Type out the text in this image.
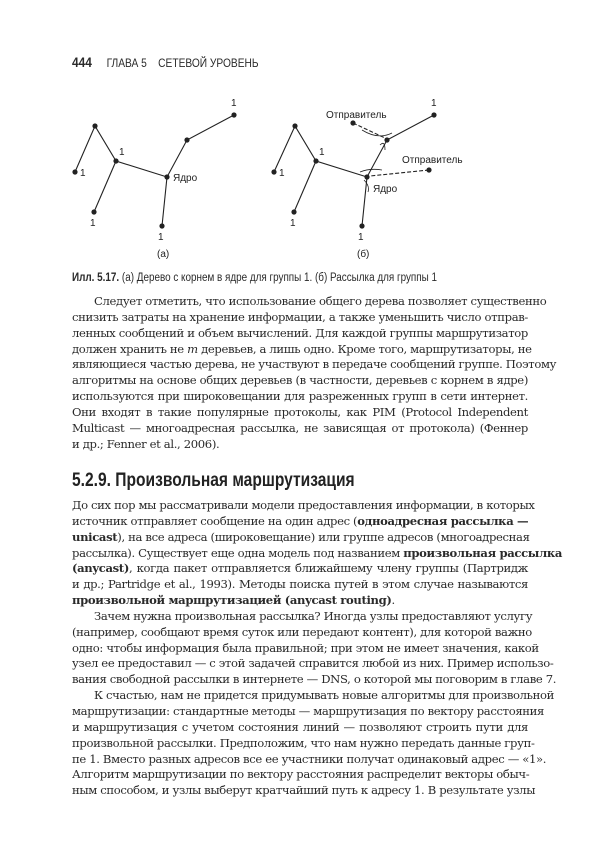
444 ГЛАВА 5 СЕТЕВОЙ УРОВЕНЬ
1
1
1
Ядро
1
1
(а)
1
1
1
Ядро
1
1
Отправитель
Отправитель
(б)
Илл. 5.17. (а) Дерево с корнем в ядре для группы 1. (б) Рассылка для группы 1
Следует отметить, что использование общего дерева позволяет существенно
снизить затраты на хранение информации, а также уменьшить число отправ-
ленных сообщений и объем вычислений. Для каждой группы маршрутизатор
должен хранить не m деревьев, а лишь одно. Кроме того, маршрутизаторы, не
являющиеся частью дерева, не участвуют в передаче сообщений группе. Поэтому
алгоритмы на основе общих деревьев (в частности, деревьев с корнем в ядре)
используются при широковещании для разреженных групп в сети интернет.
Они входят в такие популярные протоколы, как PIM (Protocol Independent
Multicast — многоадресная рассылка, не зависящая от протокола) (Феннер
и др.; Fenner et al., 2006).
5.2.9. Произвольная маршрутизация
До сих пор мы рассматривали модели предоставления информации, в которых
источник отправляет сообщение на один адрес (одноадресная рассылка —
unicast), на все адреса (широковещание) или группе адресов (многоадресная
рассылка). Существует еще одна модель под названием произвольная рассылка
(anycast), когда пакет отправляется ближайшему члену группы (Партридж
и др.; Partridge et al., 1993). Методы поиска путей в этом случае называются
произвольной маршрутизацией (anycast routing).
Зачем нужна произвольная рассылка? Иногда узлы предоставляют услугу
(например, сообщают время суток или передают контент), для которой важно
одно: чтобы информация была правильной; при этом не имеет значения, какой
узел ее предоставил — с этой задачей справится любой из них. Пример использо-
вания свободной рассылки в интернете — DNS, о которой мы поговорим в главе 7.
К счастью, нам не придется придумывать новые алгоритмы для произвольной
маршрутизации: стандартные методы — маршрутизация по вектору расстояния
и маршрутизация с учетом состояния линий — позволяют строить пути для
произвольной рассылки. Предположим, что нам нужно передать данные груп-
пе 1. Вместо разных адресов все ее участники получат одинаковый адрес — «1».
Алгоритм маршрутизации по вектору расстояния распределит векторы обыч-
ным способом, и узлы выберут кратчайший путь к адресу 1. В результате узлы
